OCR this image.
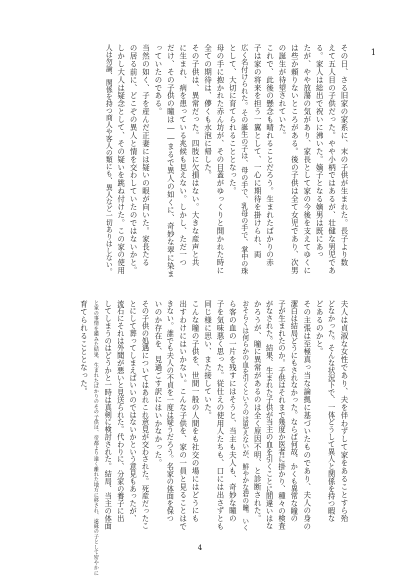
1
その日、さる旧家の家系に、末の子供が生まれた。長子より数
えて五人目の子供だった。やや小柄ではあるが、壮健な男児であ
る。家人は総出で祝いに沸いた。嫡子となる嫡男は既にあっ
たが、やや放蕩の気があり、家長として家の今後を支えてゆくに
は些か頼りないところがある。後の子供は全て女児であり、次男
の誕生が待望されていた。
これで、此後の懸念も晴れることだろう。生まれたばかりの赤
子は家の将来を担う一翼として、一心に期待を掛けられ、両
広く名付けられた。その誕生の子は、母の手で、乳母の手で、掌中の珠
として、大切に育てられることとなった。
母の手に抱かれた赤ん坊が、その目蓋がゆっくりと開かれた時に
全ての期待は、儚くも水泡に帰した。
その子供は、異常だった。四肢に欠損はない。大きな産声と共
に生まれ、病を患っている兆候も見えない。しかし、ただ一つ
だけ、その子供の瞳は――まるで異人の如くに、奇妙な翠に染ま
っていたのである。
当然の如く、子を産んだ正妻には疑いの眼が向いた。家長たる
の居る前に、どこぞの異人と情を交わしていたのではないかと。
しかし大人は疑念として、その疑いを跳ね付けた。この家の使用
人は勿論、関係を持つ商人や客人の類にも、異人など一切ありはしない。
夫人は貞淑な女性であり、夫を伴わずして家をあることすら殆
どなかった。そんな状況下で、一体どうして異人と関係を持つ暇な
どあるのかと。
その主張は至極真っ当な論拠に基づいたものであり、夫人の身の
潔白は結局どうにもされなかった。ならば何故、かくも異常な瞳の
子が生まれたのか。子供はそれまで幾度か医者に掛かり、種々の検査
がなされた。結果、生まれた子供が当主の血を引くことに間違いはな
かろうが、瞳に異常があるのは全く原因不明、と診断された。
おそらくは何らかの血を引くというのは思えないが、鮮やかな碧の瞳。いく
ら客の血の一片を残すにはそうと、当主も夫人も、奇妙な瞳の
子を気味悪く思った。従仕えの使用人たちも、口には出さずとも
同じ様に思い、また接していた。
こんな瞳の子供を、世間一般の人間をも社交の場にはどうにも
出すわけにはいかない。こんな子供を、家の一員と見ることはで
きない。誰でも夫人の不貞を一度は疑うだろう。名家の体面を保つ
いのか存在を、見過ごす訳にはいかなかった。
その子供の処遇についてはあれこれ意見が交わされた。死産だったこ
とにして葬ってしまえばいいのではないかという意見もあったが、
流石にそれは外聞が悪いと見送られた。代わりに、分家の養子に出
してしまうのはどうかと一時は真剣に検討された。結局、当主の体面
と家の事情を鑑みた結果、生まれたばかりのその子供は、帝都より遠く離れた地方に移され、遠縁の子として密やかに
育てられることとなった。
4
